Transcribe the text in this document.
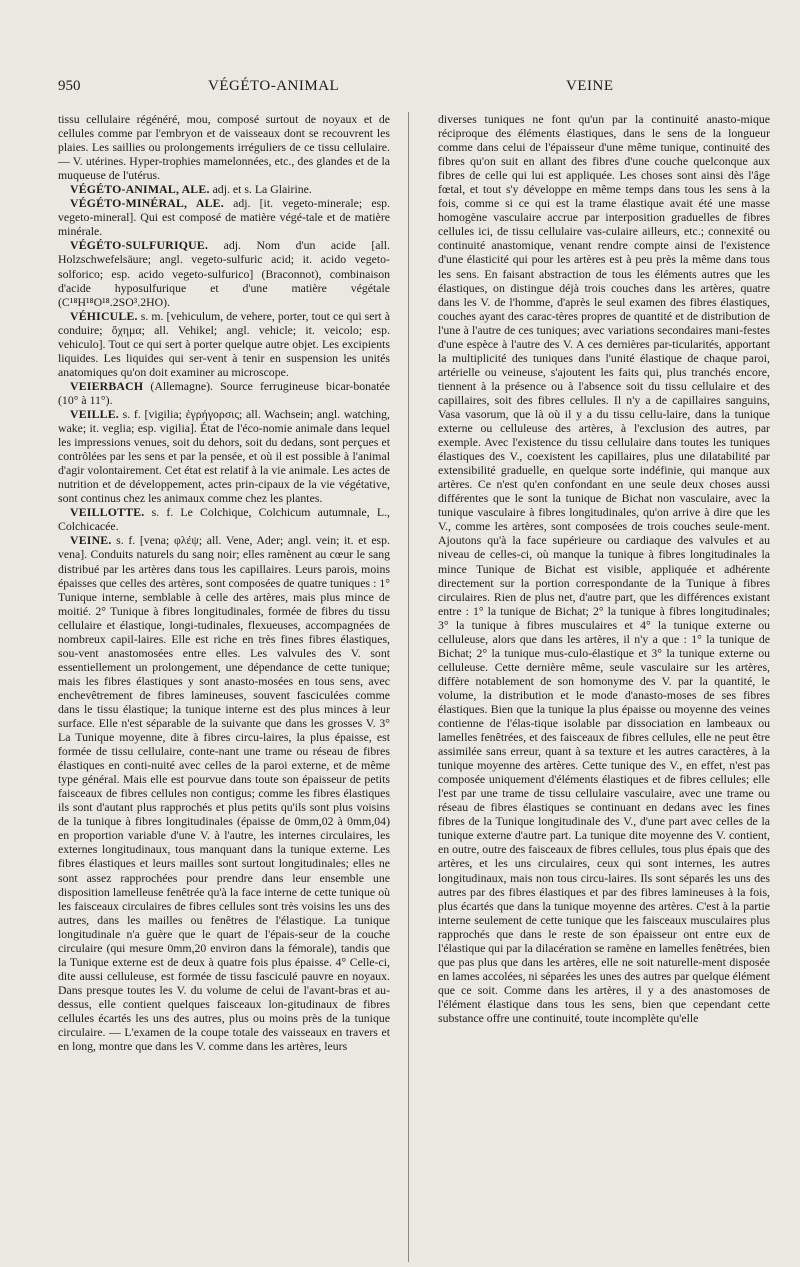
950	VÉGÉTO-ANIMAL	VEINE

tissu cellulaire régénéré, mou, composé surtout de noyaux et de cellules comme par l'embryon et de vaisseaux dont se recouvrent les plaies. Les saillies ou prolongements irréguliers de ce tissu cellulaire. — V. utérines. Hyper-trophies mamelonnées, etc., des glandes et de la muqueuse de l'utérus.

VÉGÉTO-ANIMAL, ALE. adj. et s. La Glairine.

VÉGÉTO-MINÉRAL, ALE. adj. [it. vegeto-minerale; esp. vegeto-mineral]. Qui est composé de matière végé-tale et de matière minérale.

VÉGÉTO-SULFURIQUE. adj. Nom d'un acide [all. Holzschwefelsäure; angl. vegeto-sulfuric acid; it. acido vegeto-solforico; esp. acido vegeto-sulfurico] (Braconnot), combinaison d'acide hyposulfurique et d'une matière végétale (C¹⁸H¹⁸O¹⁸.2SO³.2HO).

VÉHICULE. s. m. [vehiculum, de vehere, porter, tout ce qui sert à conduire; ὄχημα; all. Vehikel; angl. vehicle; it. veicolo; esp. vehiculo]. Tout ce qui sert à porter quelque autre objet. Les excipients liquides. Les liquides qui ser-vent à tenir en suspension les unités anatomiques qu'on doit examiner au microscope.

VEIERBACH (Allemagne). Source ferrugineuse bicar-bonatée (10° à 11°).

VEILLE. s. f. [vigilia; ἐγρήγορσις; all. Wachsein; angl. watching, wake; it. veglia; esp. vigilia]. État de l'éco-nomie animale dans lequel les impressions venues, soit du dehors, soit du dedans, sont perçues et contrôlées par les sens et par la pensée, et où il est possible à l'animal d'agir volontairement. Cet état est relatif à la vie animale. Les actes de nutrition et de développement, actes prin-cipaux de la vie végétative, sont continus chez les animaux comme chez les plantes.

VEILLOTTE. s. f. Le Colchique, Colchicum autumnale, L., Colchicacée.

VEINE. s. f. [vena; φλέψ; all. Vene, Ader; angl. vein; it. et esp. vena]. Conduits naturels du sang noir; elles ramènent au cœur le sang distribué par les artères dans tous les capillaires. Leurs parois, moins épaisses que celles des artères, sont composées de quatre tuniques : 1° Tunique interne, semblable à celle des artères, mais plus mince de moitié. 2° Tunique à fibres longitudinales, formée de fibres du tissu cellulaire et élastique, longi-tudinales, flexueuses, accompagnées de nombreux capil-laires. Elle est riche en très fines fibres élastiques, sou-vent anastomosées entre elles. Les valvules des V. sont essentiellement un prolongement, une dépendance de cette tunique; mais les fibres élastiques y sont anasto-mosées en tous sens, avec enchevêtrement de fibres lamineuses, souvent fasciculées comme dans le tissu élastique; la tunique interne est des plus minces à leur surface. Elle n'est séparable de la suivante que dans les grosses V. 3° La Tunique moyenne, dite à fibres circu-laires, la plus épaisse, est formée de tissu cellulaire, conte-nant une trame ou réseau de fibres élastiques en conti-nuité avec celles de la paroi externe, et de même type général. Mais elle est pourvue dans toute son épaisseur de petits faisceaux de fibres cellules non contigus; comme les fibres élastiques ils sont d'autant plus rapprochés et plus petits qu'ils sont plus voisins de la tunique à fibres longitudinales (épaisse de 0mm,02 à 0mm,04) en proportion variable d'une V. à l'autre, les internes circulaires, les externes longitudinaux, tous manquant dans la tunique externe. Les fibres élastiques et leurs mailles sont surtout longitudinales; elles ne sont assez rapprochées pour prendre dans leur ensemble une disposition lamelleuse fenêtrée qu'à la face interne de cette tunique où les faisceaux circulaires de fibres cellules sont très voisins les uns des autres, dans les mailles ou fenêtres de l'élastique. La tunique longitudinale n'a guère que le quart de l'épais-seur de la couche circulaire (qui mesure 0mm,20 environ dans la fémorale), tandis que la Tunique externe est de deux à quatre fois plus épaisse. 4° Celle-ci, dite aussi celluleuse, est formée de tissu fasciculé pauvre en noyaux. Dans presque toutes les V. du volume de celui de l'avant-bras et au-dessus, elle contient quelques faisceaux lon-gitudinaux de fibres cellules écartés les uns des autres, plus ou moins près de la tunique circulaire. — L'examen de la coupe totale des vaisseaux en travers et en long, montre que dans les V. comme dans les artères, leurs

diverses tuniques ne font qu'un par la continuité anasto-mique réciproque des éléments élastiques, dans le sens de la longueur comme dans celui de l'épaisseur d'une même tunique, continuité des fibres qu'on suit en allant des fibres d'une couche quelconque aux fibres de celle qui lui est appliquée. Les choses sont ainsi dès l'âge fœtal, et tout s'y développe en même temps dans tous les sens à la fois, comme si ce qui est la trame élastique avait été une masse homogène vasculaire accrue par interposition graduelles de fibres cellules ici, de tissu cellulaire vas-culaire ailleurs, etc.; connexité ou continuité anastomique, venant rendre compte ainsi de l'existence d'une élasticité qui pour les artères est à peu près la même dans tous les sens. En faisant abstraction de tous les éléments autres que les élastiques, on distingue déjà trois couches dans les artères, quatre dans les V. de l'homme, d'après le seul examen des fibres élastiques, couches ayant des carac-tères propres de quantité et de distribution de l'une à l'autre de ces tuniques; avec variations secondaires mani-festes d'une espèce à l'autre des V. A ces dernières par-ticularités, apportant la multiplicité des tuniques dans l'unité élastique de chaque paroi, artérielle ou veineuse, s'ajoutent les faits qui, plus tranchés encore, tiennent à la présence ou à l'absence soit du tissu cellulaire et des capillaires, soit des fibres cellules. Il n'y a de capillaires sanguins, Vasa vasorum, que là où il y a du tissu cellu-laire, dans la tunique externe ou celluleuse des artères, à l'exclusion des autres, par exemple. Avec l'existence du tissu cellulaire dans toutes les tuniques élastiques des V., coexistent les capillaires, plus une dilatabilité par extensibilité graduelle, en quelque sorte indéfinie, qui manque aux artères. Ce n'est qu'en confondant en une seule deux choses aussi différentes que le sont la tunique de Bichat non vasculaire, avec la tunique vasculaire à fibres longitudinales, qu'on arrive à dire que les V., comme les artères, sont composées de trois couches seule-ment. Ajoutons qu'à la face supérieure ou cardiaque des valvules et au niveau de celles-ci, où manque la tunique à fibres longitudinales la mince Tunique de Bichat est visible, appliquée et adhérente directement sur la portion correspondante de la Tunique à fibres circulaires. Rien de plus net, d'autre part, que les différences existant entre : 1° la tunique de Bichat; 2° la tunique à fibres longitudinales; 3° la tunique à fibres musculaires et 4° la tunique externe ou celluleuse, alors que dans les artères, il n'y a que : 1° la tunique de Bichat; 2° la tunique mus-culo-élastique et 3° la tunique externe ou celluleuse. Cette dernière même, seule vasculaire sur les artères, diffère notablement de son homonyme des V. par la quantité, le volume, la distribution et le mode d'anasto-moses de ses fibres élastiques. Bien que la tunique la plus épaisse ou moyenne des veines contienne de l'élas-tique isolable par dissociation en lambeaux ou lamelles fenêtrées, et des faisceaux de fibres cellules, elle ne peut être assimilée sans erreur, quant à sa texture et les autres caractères, à la tunique moyenne des artères. Cette tunique des V., en effet, n'est pas composée uniquement d'éléments élastiques et de fibres cellules; elle l'est par une trame de tissu cellulaire vasculaire, avec une trame ou réseau de fibres élastiques se continuant en dedans avec les fines fibres de la Tunique longitudinale des V., d'une part avec celles de la tunique externe d'autre part. La tunique dite moyenne des V. contient, en outre, outre des faisceaux de fibres cellules, tous plus épais que des artères, et les uns circulaires, ceux qui sont internes, les autres longitudinaux, mais non tous circu-laires. Ils sont séparés les uns des autres par des fibres élastiques et par des fibres lamineuses à la fois, plus écartés que dans la tunique moyenne des artères. C'est à la partie interne seulement de cette tunique que les faisceaux musculaires plus rapprochés que dans le reste de son épaisseur ont entre eux de l'élastique qui par la dilacération se ramène en lamelles fenêtrées, bien que pas plus que dans les artères, elle ne soit naturelle-ment disposée en lames accolées, ni séparées les unes des autres par quelque élément que ce soit. Comme dans les artères, il y a des anastomoses de l'élément élastique dans tous les sens, bien que cependant cette substance offre une continuité, toute incomplète qu'elle
